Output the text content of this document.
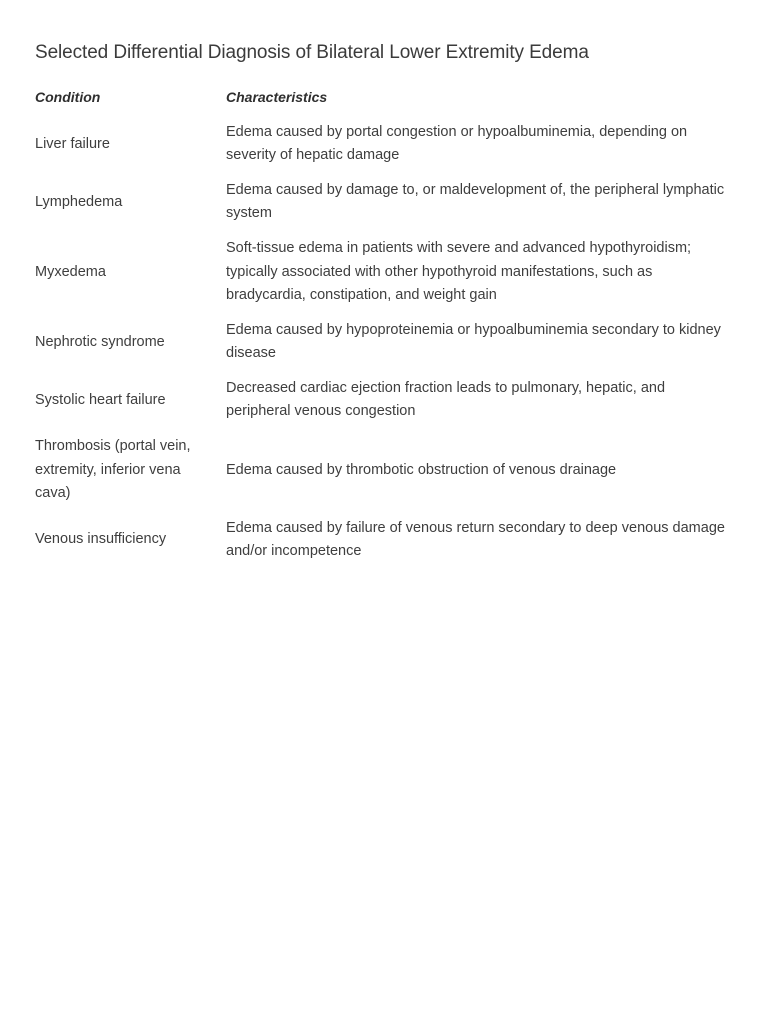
Selected Differential Diagnosis of Bilateral Lower Extremity Edema
Condition	Characteristics
Liver failure	Edema caused by portal congestion or hypoalbuminemia, depending on severity of hepatic damage
Lymphedema	Edema caused by damage to, or maldevelopment of, the peripheral lymphatic system
Myxedema	Soft-tissue edema in patients with severe and advanced hypothyroidism; typically associated with other hypothyroid manifestations, such as bradycardia, constipation, and weight gain
Nephrotic syndrome	Edema caused by hypoproteinemia or hypoalbuminemia secondary to kidney disease
Systolic heart failure	Decreased cardiac ejection fraction leads to pulmonary, hepatic, and peripheral venous congestion
Thrombosis (portal vein, extremity, inferior vena cava)	Edema caused by thrombotic obstruction of venous drainage
Venous insufficiency	Edema caused by failure of venous return secondary to deep venous damage and/or incompetence
